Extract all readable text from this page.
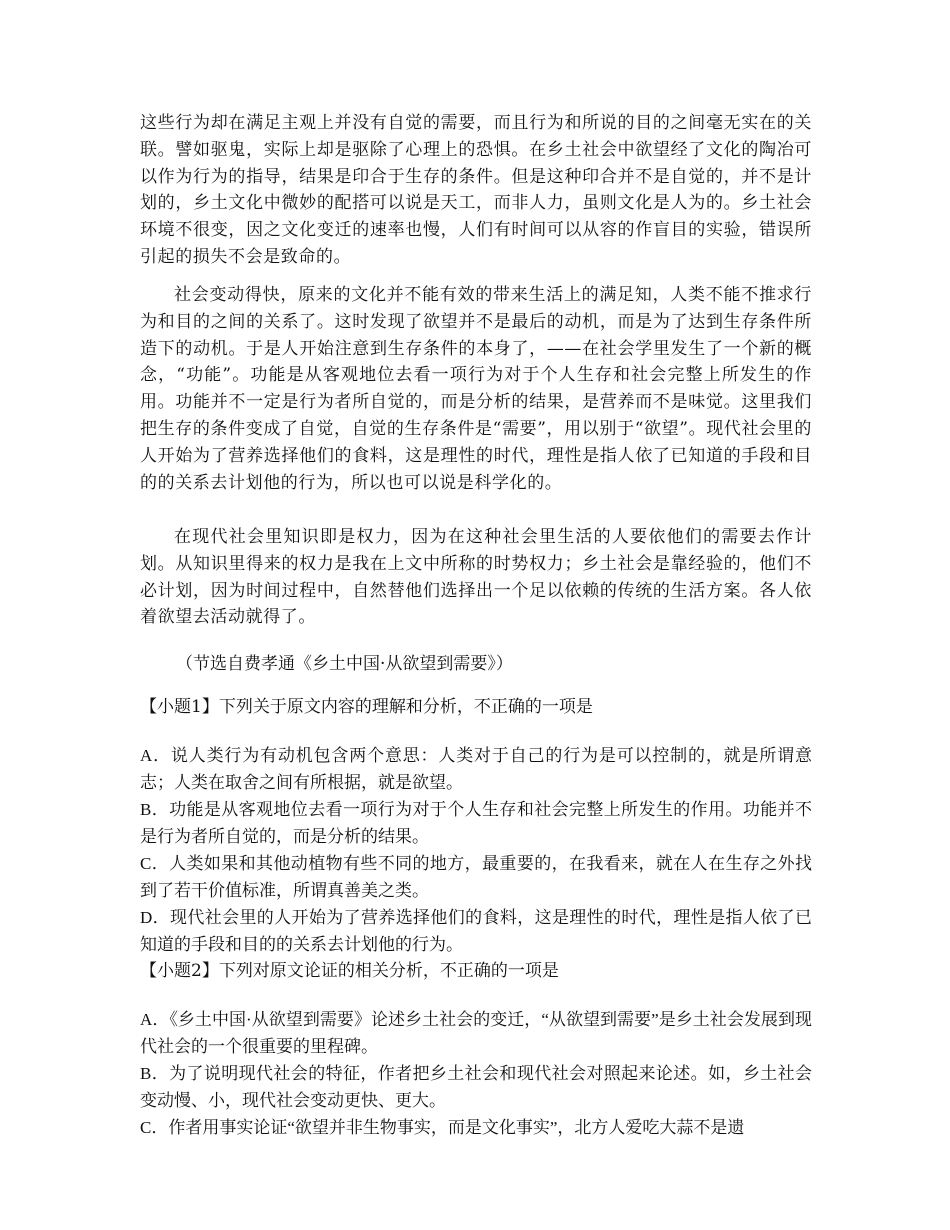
这些行为却在满足主观上并没有自觉的需要，而且行为和所说的目的之间毫无实在的关联。譬如驱鬼，实际上却是驱除了心理上的恐惧。在乡土社会中欲望经了文化的陶冶可以作为行为的指导，结果是印合于生存的条件。但是这种印合并不是自觉的，并不是计划的，乡土文化中微妙的配搭可以说是天工，而非人力，虽则文化是人为的。乡土社会环境不很变，因之文化变迁的速率也慢，人们有时间可以从容的作盲目的实验，错误所引起的损失不会是致命的。

社会变动得快，原来的文化并不能有效的带来生活上的满足知，人类不能不推求行为和目的之间的关系了。这时发现了欲望并不是最后的动机，而是为了达到生存条件所造下的动机。于是人开始注意到生存条件的本身了，——在社会学里发生了一个新的概念，“功能”。功能是从客观地位去看一项行为对于个人生存和社会完整上所发生的作用。功能并不一定是行为者所自觉的，而是分析的结果，是营养而不是味觉。这里我们把生存的条件变成了自觉，自觉的生存条件是“需要”，用以别于“欲望”。现代社会里的人开始为了营养选择他们的食料，这是理性的时代，理性是指人依了已知道的手段和目的的关系去计划他的行为，所以也可以说是科学化的。

在现代社会里知识即是权力，因为在这种社会里生活的人要依他们的需要去作计划。从知识里得来的权力是我在上文中所称的时势权力；乡土社会是靠经验的，他们不必计划，因为时间过程中，自然替他们选择出一个足以依赖的传统的生活方案。各人依着欲望去活动就得了。

（节选自费孝通《乡土中国·从欲望到需要》）

【小题1】下列关于原文内容的理解和分析，不正确的一项是

A．说人类行为有动机包含两个意思：人类对于自己的行为是可以控制的，就是所谓意志；人类在取舍之间有所根据，就是欲望。

B．功能是从客观地位去看一项行为对于个人生存和社会完整上所发生的作用。功能并不是行为者所自觉的，而是分析的结果。

C．人类如果和其他动植物有些不同的地方，最重要的，在我看来，就在人在生存之外找到了若干价值标准，所谓真善美之类。

D．现代社会里的人开始为了营养选择他们的食料，这是理性的时代，理性是指人依了已知道的手段和目的的关系去计划他的行为。

【小题2】下列对原文论证的相关分析，不正确的一项是

A．《乡土中国·从欲望到需要》论述乡土社会的变迁，“从欲望到需要”是乡土社会发展到现代社会的一个很重要的里程碑。

B．为了说明现代社会的特征，作者把乡土社会和现代社会对照起来论述。如，乡土社会变动慢、小，现代社会变动更快、更大。

C．作者用事实论证“欲望并非生物事实，而是文化事实”，北方人爱吃大蒜不是遗
